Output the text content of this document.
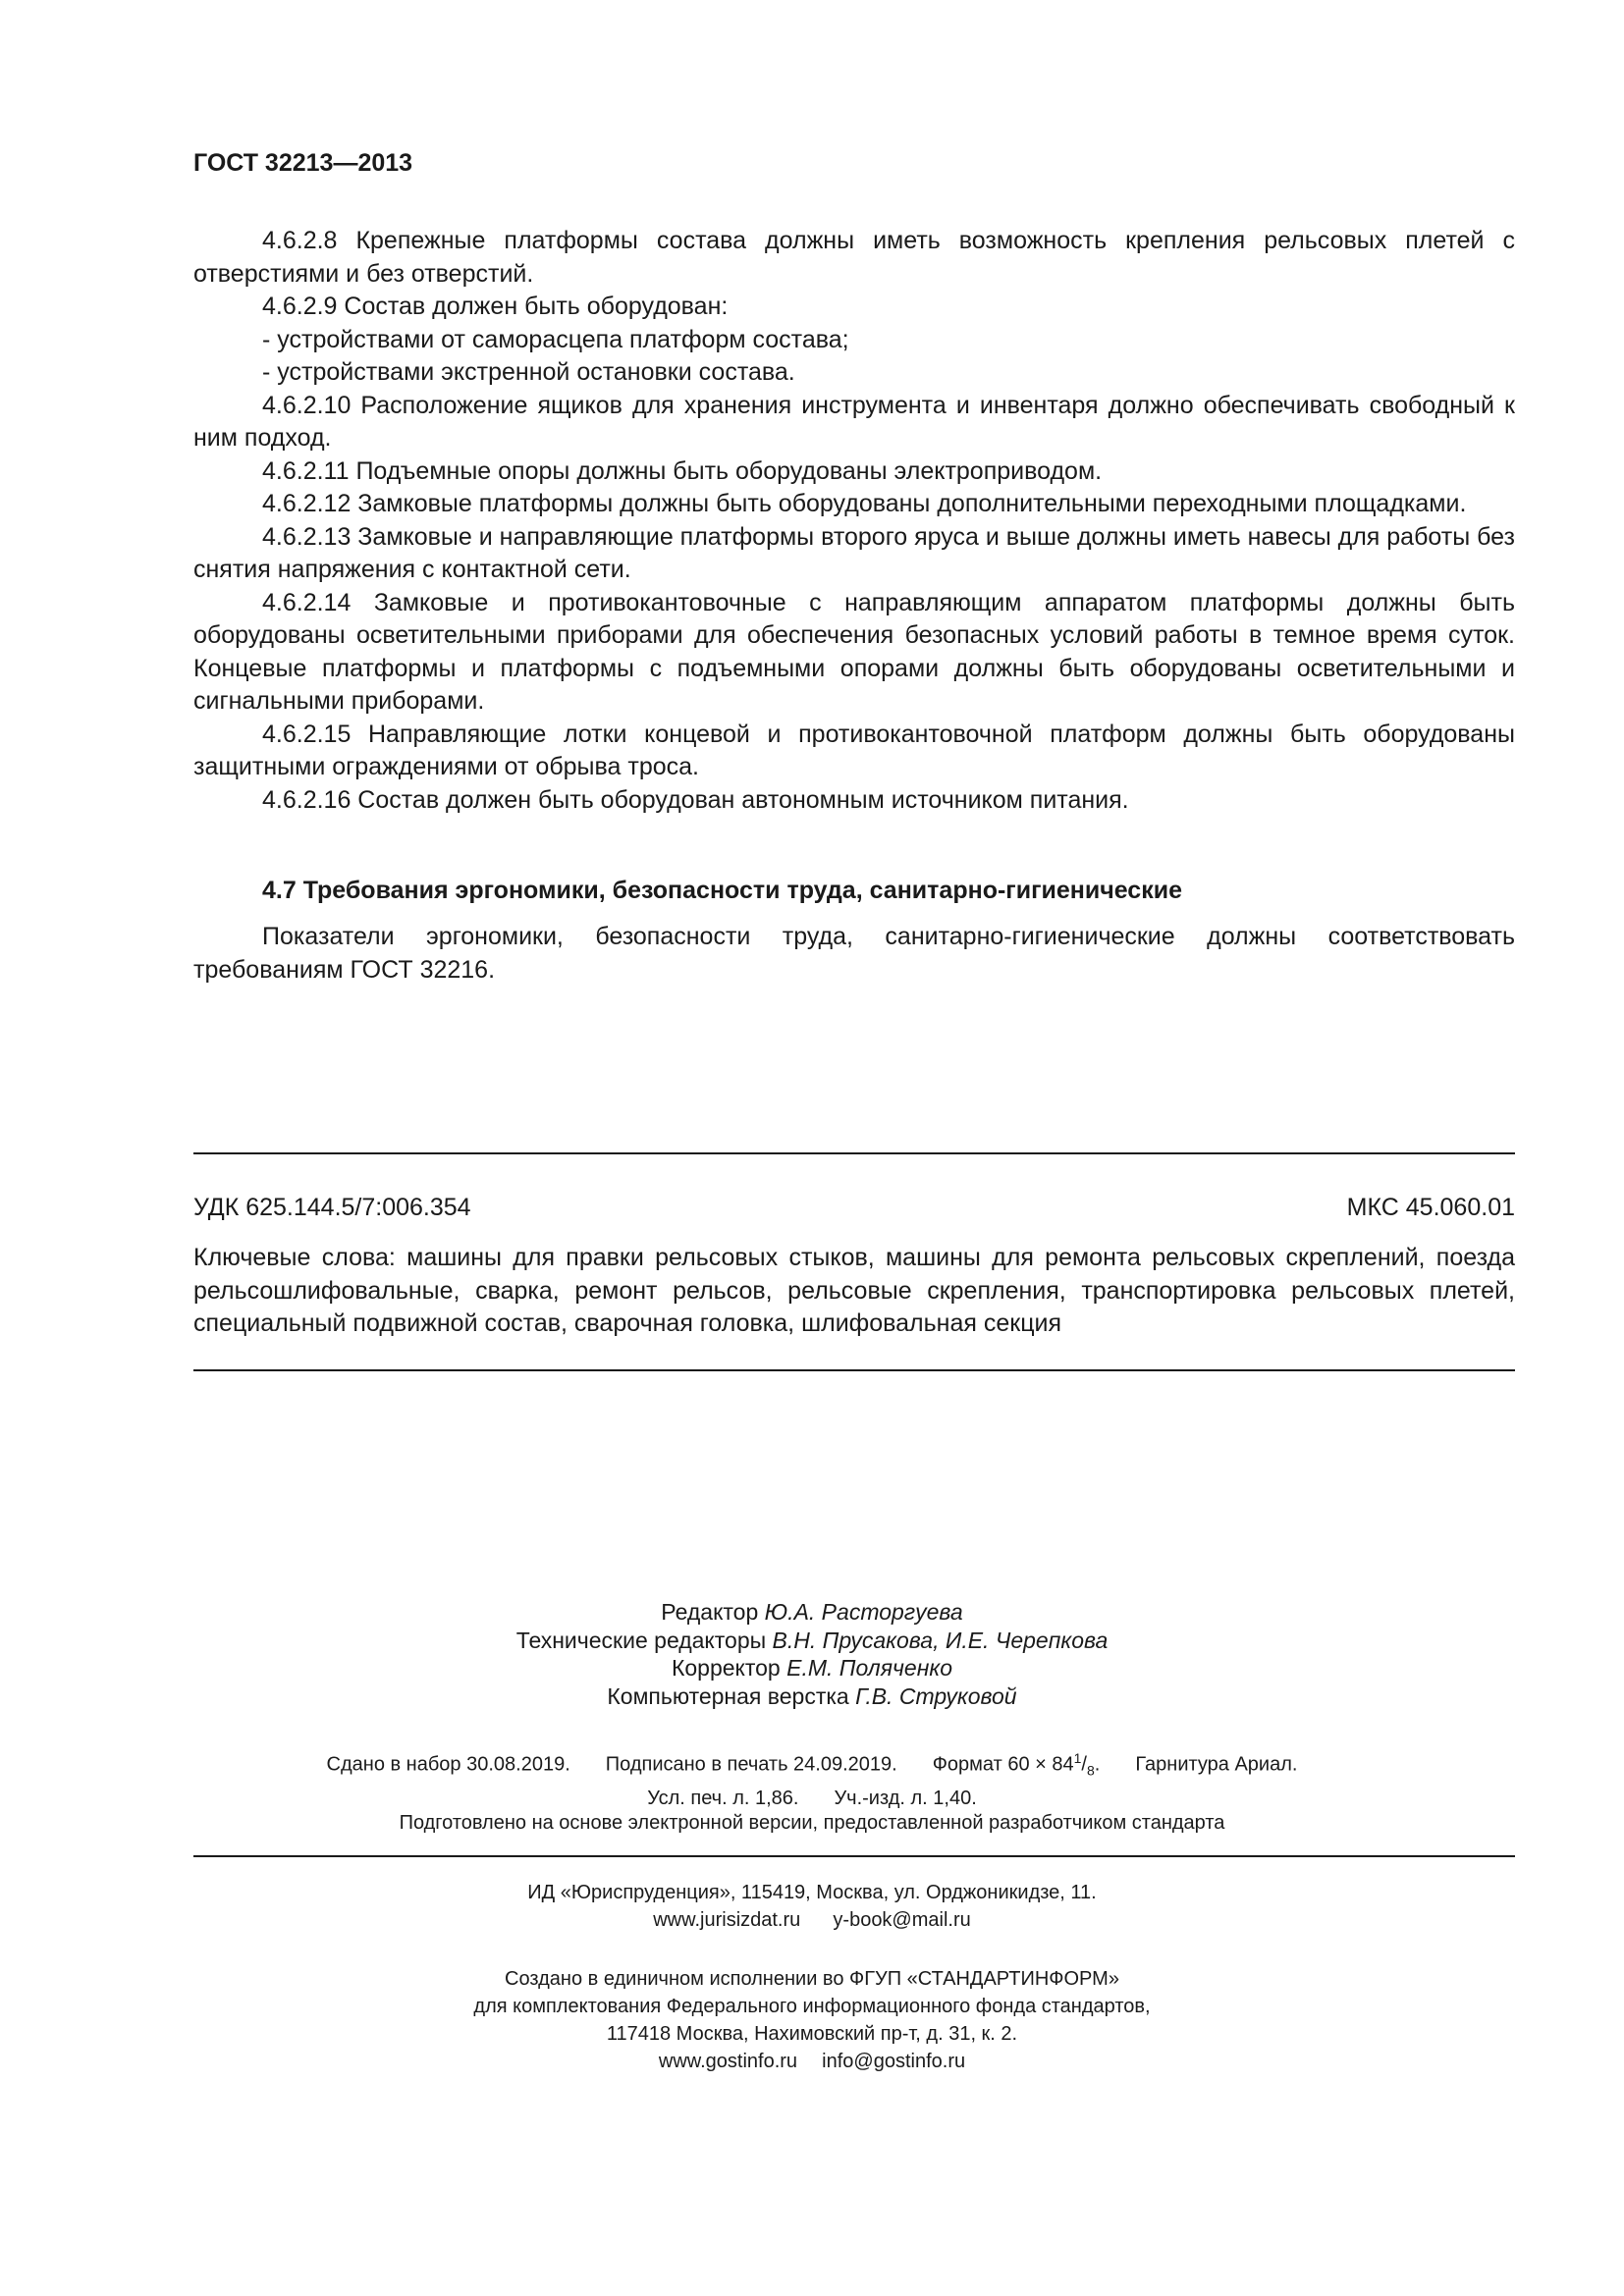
ГОСТ 32213—2013

4.6.2.8 Крепежные платформы состава должны иметь возможность крепления рельсовых плетей с отверстиями и без отверстий.

4.6.2.9 Состав должен быть оборудован:

- устройствами от саморасцепа платформ состава;

- устройствами экстренной остановки состава.

4.6.2.10 Расположение ящиков для хранения инструмента и инвентаря должно обеспечивать свободный к ним подход.

4.6.2.11 Подъемные опоры должны быть оборудованы электроприводом.

4.6.2.12 Замковые платформы должны быть оборудованы дополнительными переходными площадками.

4.6.2.13 Замковые и направляющие платформы второго яруса и выше должны иметь навесы для работы без снятия напряжения с контактной сети.

4.6.2.14 Замковые и противокантовочные с направляющим аппаратом платформы должны быть оборудованы осветительными приборами для обеспечения безопасных условий работы в темное время суток. Концевые платформы и платформы с подъемными опорами должны быть оборудованы осветительными и сигнальными приборами.

4.6.2.15 Направляющие лотки концевой и противокантовочной платформ должны быть оборудованы защитными ограждениями от обрыва троса.

4.6.2.16 Состав должен быть оборудован автономным источником питания.

4.7 Требования эргономики, безопасности труда, санитарно-гигиенические

Показатели эргономики, безопасности труда, санитарно-гигиенические должны соответствовать требованиям ГОСТ 32216.

УДК 625.144.5/7:006.354	МКС 45.060.01

Ключевые слова: машины для правки рельсовых стыков, машины для ремонта рельсовых скреплений, поезда рельсошлифовальные, сварка, ремонт рельсов, рельсовые скрепления, транспортировка рельсовых плетей, специальный подвижной состав, сварочная головка, шлифовальная секция

Редактор Ю.А. Расторгуева
Технические редакторы В.Н. Прусакова, И.Е. Черепкова
Корректор Е.М. Поляченко
Компьютерная верстка Г.В. Струковой
Сдано в набор 30.08.2019. Подписано в печать 24.09.2019. Формат $60 \times 84^1/_8$. Гарнитура Ариал.
Усл. печ. л. 1,86. Уч.-изд. л. 1,40.
Подготовлено на основе электронной версии, предоставленной разработчиком стандарта
ИД «Юриспруденция», 115419, Москва, ул. Орджоникидзе, 11.
www.jurisizdat.ru y-book@mail.ru
Создано в единичном исполнении во ФГУП «СТАНДАРТИНФОРМ»
для комплектования Федерального информационного фонда стандартов,
117418 Москва, Нахимовский пр-т, д. 31, к. 2.
www.gostinfo.ru info@gostinfo.ru
